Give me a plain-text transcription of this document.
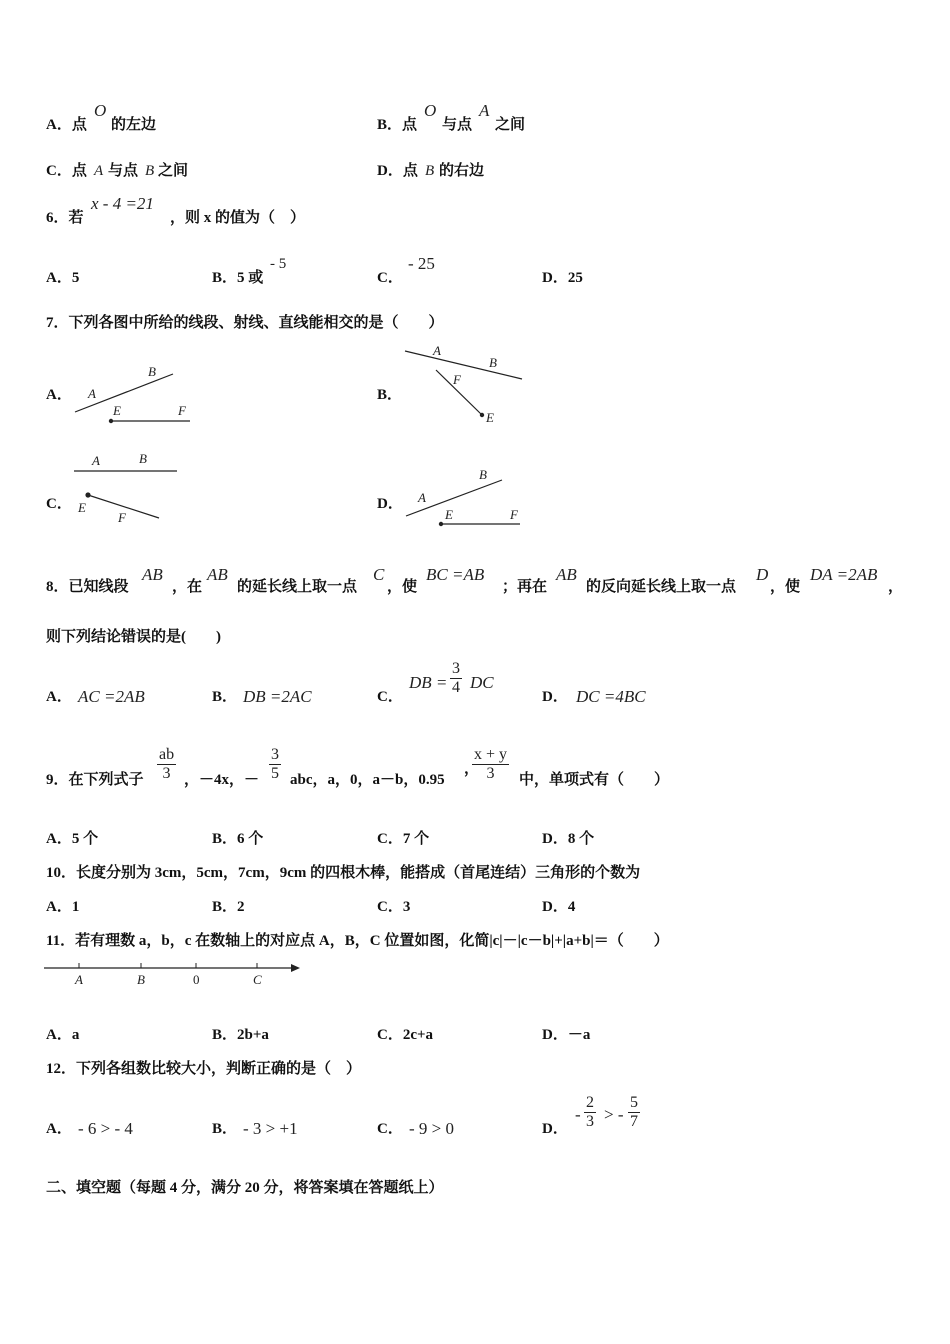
A．点
O
的左边	B．点
O
与点
A
之间
C．点 A 与点 B 之间	D．点 B 的右边
6．若
x - 4 =21
，则 x 的值为（　）
A．5	B．5 或
- 5
C．
- 25
D．25
7．下列各图中所给的线段、射线、直线能相交的是（　　）
A． A
B
E	F
B．
A
B
F
E
C．
A	B
E
F
D． A
B
E	F
8．已知线段
AB
，在
AB
的延长线上取一点
C
，使
BC =AB
；再在
AB
的反向延长线上取一点
D
，使
DA =2AB
，
则下列结论错误的是(　　)
A． AC =2AB	B． DB =2AC	C．
DB =
3
4 DC
D． DC =4BC
9．在下列式子
ab
3 ，－4x，－
3
5 abc，a，0，a－b，0.95
，
x + y
3 中，单项式有（　　）
A．5 个	B．6 个	C．7 个	D．8 个
10．长度分别为 3cm，5cm，7cm，9cm 的四根木棒，能搭成（首尾连结）三角形的个数为
A．1	B．2	C．3	D．4
11．若有理数 a，b，c 在数轴上的对应点 A，B，C 位置如图，化简|c|－|c－b|+|a+b|＝（　　）
A	B	0	C
A．a	B．2b+a	C．2c+a	D．－a
12．下列各组数比较大小，判断正确的是（　）
A． - 6 > - 4	B． - 3 > +1	C． - 9 > 0	D．
-
2
3 > -
5
7
二、填空题（每题 4 分，满分 20 分，将答案填在答题纸上）
